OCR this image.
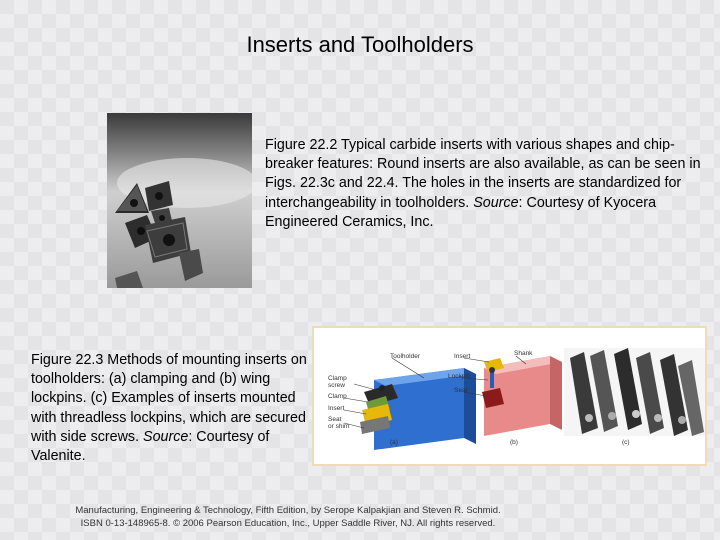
Inserts and Toolholders
Figure 22.2 Typical carbide inserts with various shapes and chip-breaker features: Round inserts are also available, as can be seen in Figs. 22.3c and 22.4. The holes in the inserts are standardized for interchangeability in toolholders. Source: Courtesy of Kyocera Engineered Ceramics, Inc.
Figure 22.3 Methods of mounting inserts on toolholders: (a) clamping and (b) wing lockpins. (c) Examples of inserts mounted with threadless lockpins, which are secured with side screws. Source: Courtesy of Valenite.
Toolholder
Clamp
screw
Clamp
Insert
Seat
or shim
(a)
Insert	Shank
Lockpin
Seat
(b)	(c)
Manufacturing, Engineering & Technology, Fifth Edition, by Serope Kalpakjian and Steven R. Schmid.
ISBN 0-13-148965-8. © 2006 Pearson Education, Inc., Upper Saddle River, NJ. All rights reserved.
